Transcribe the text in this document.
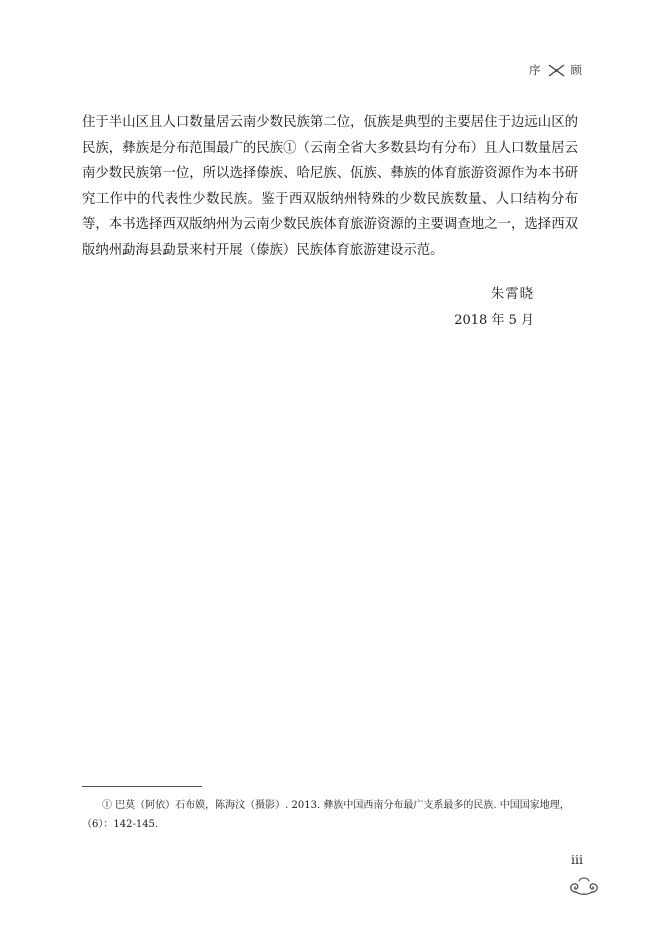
序	顾

住于半山区且人口数量居云南少数民族第二位，佤族是典型的主要居住于边远山区的民族，彝族是分布范围最广的民族①（云南全省大多数县均有分布）且人口数量居云南少数民族第一位，所以选择傣族、哈尼族、佤族、彝族的体育旅游资源作为本书研究工作中的代表性少数民族。鉴于西双版纳州特殊的少数民族数量、人口结构分布等，本书选择西双版纳州为云南少数民族体育旅游资源的主要调查地之一，选择西双版纳州勐海县勐景来村开展（傣族）民族体育旅游建设示范。

朱霄晓
2018 年 5 月
① 巴莫（阿依）石布嫫，陈海汶（摄影）. 2013. 彝族中国西南分布最广支系最多的民族. 中国国家地理，
（6）：142-145.
iii
